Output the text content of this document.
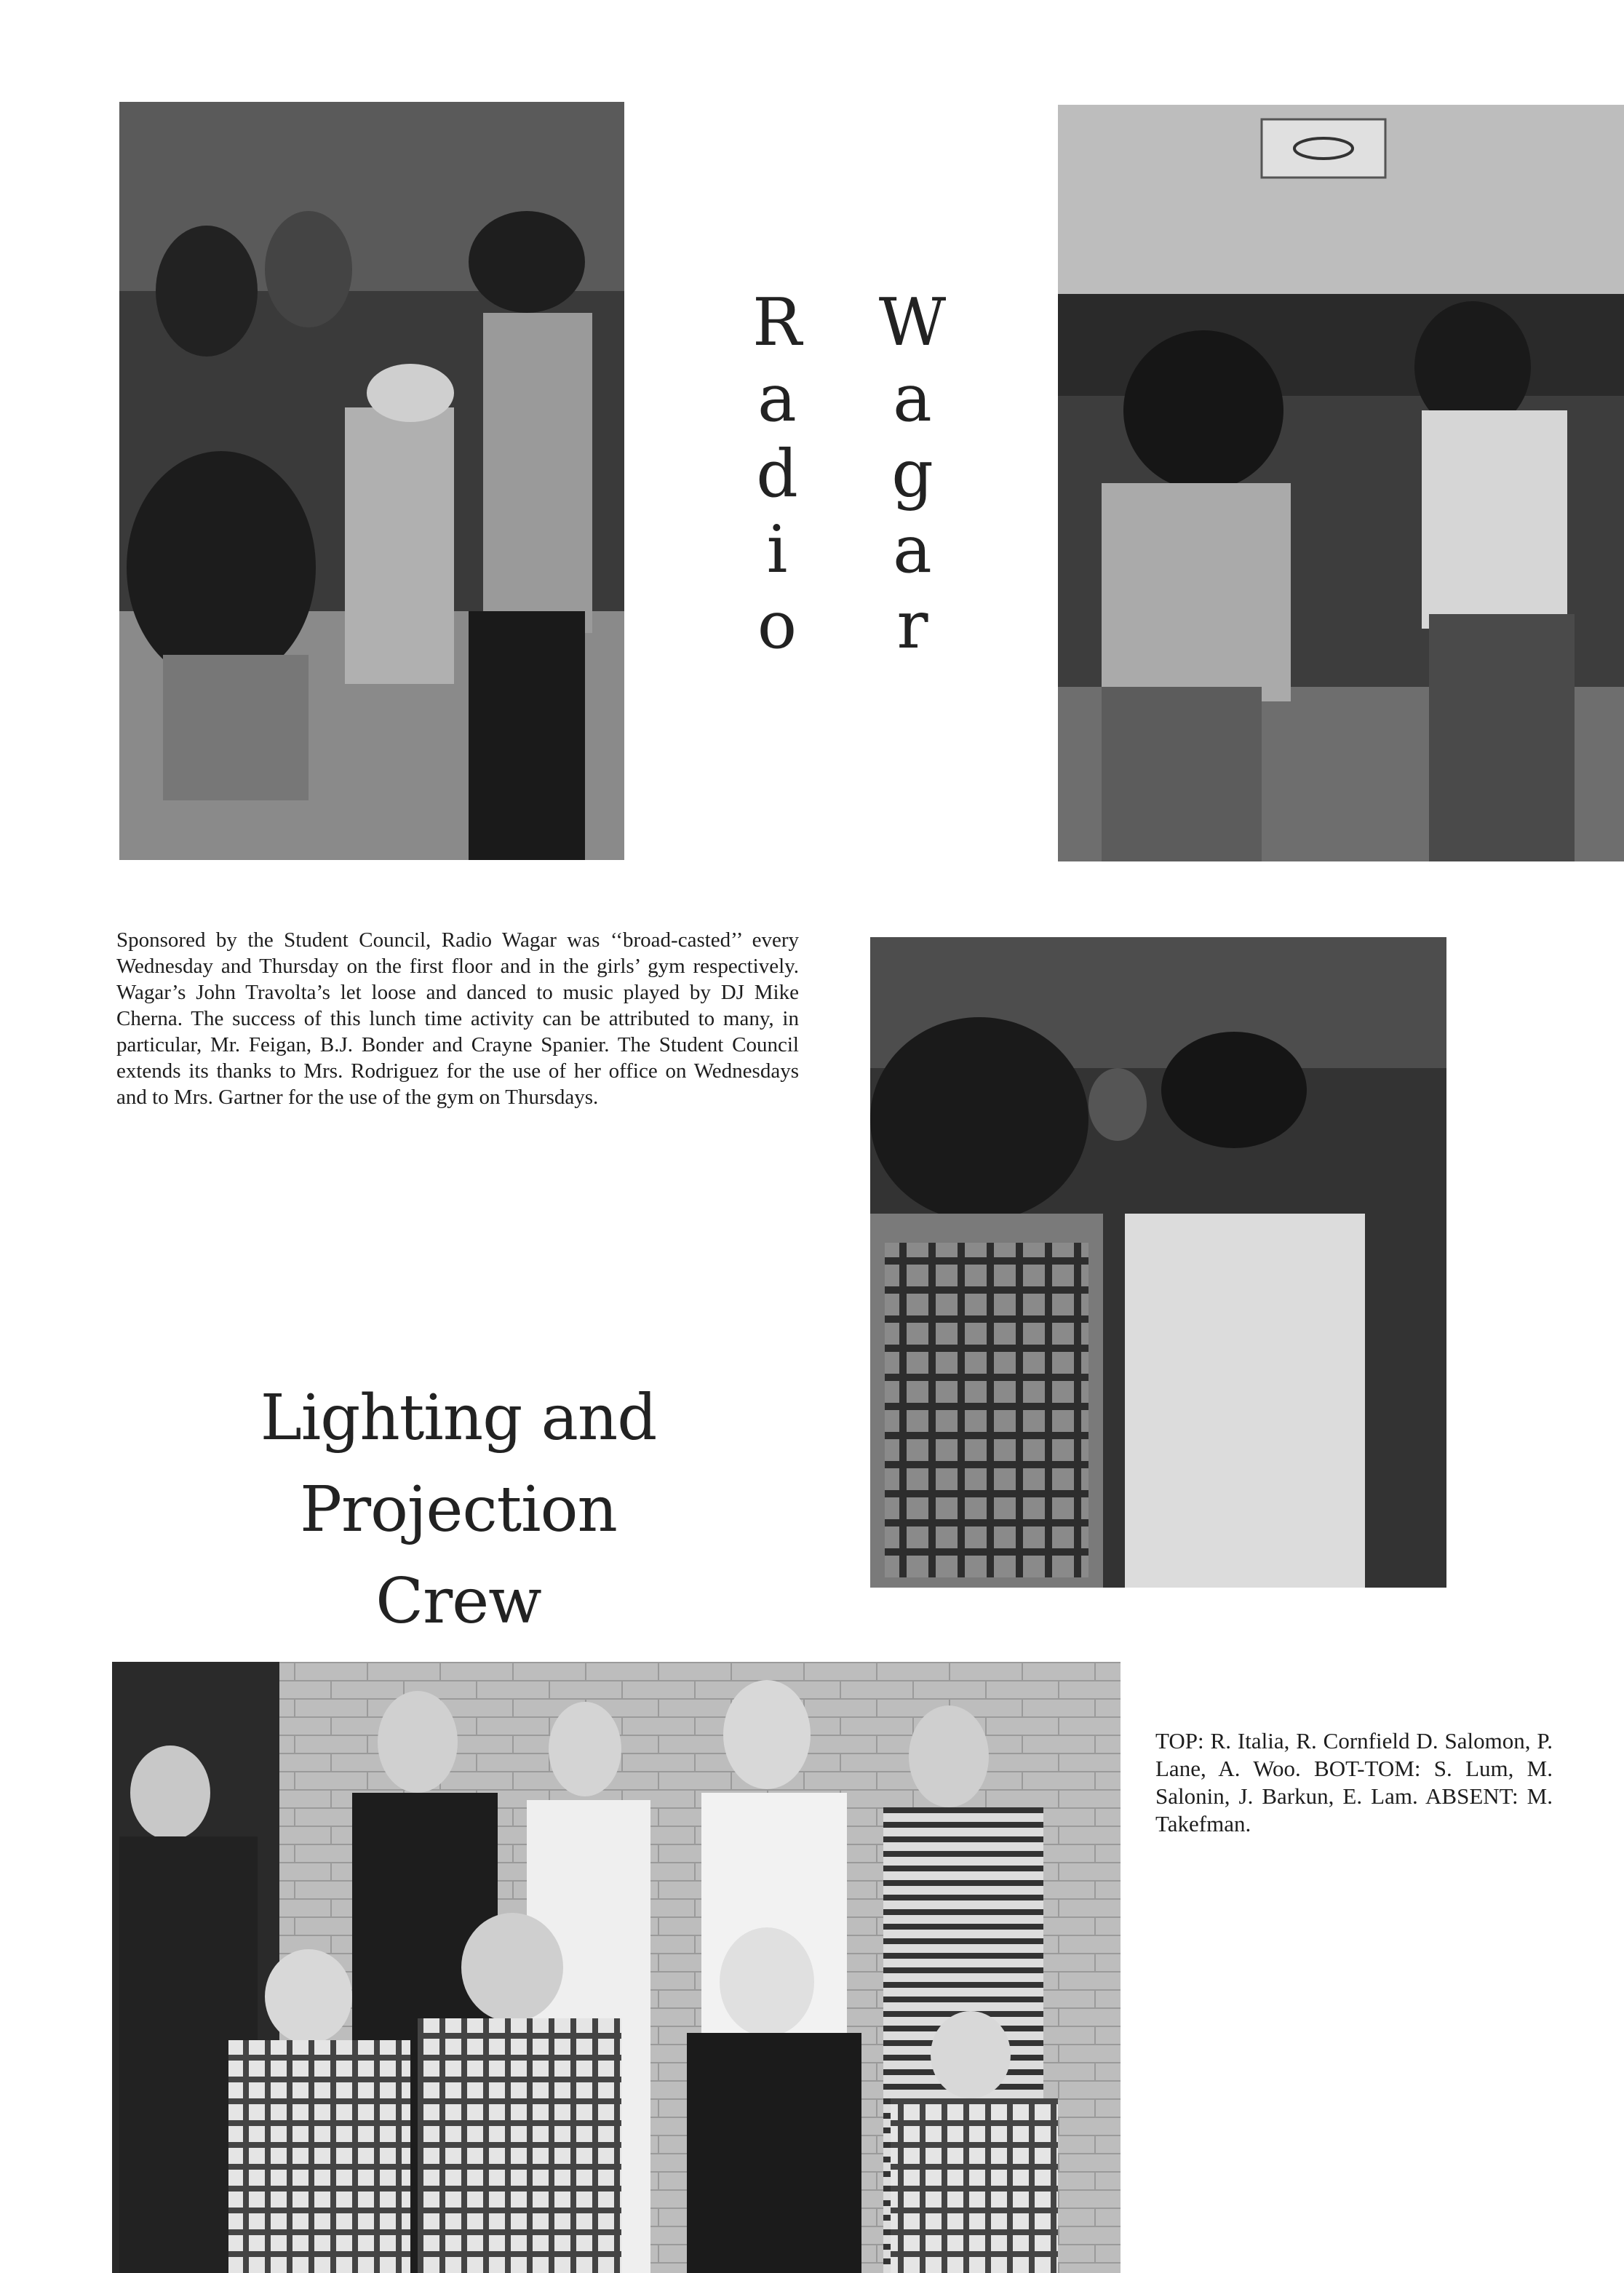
R
a
d
i
o
W
a
g
a
r

Sponsored by the Student Council, Radio Wagar was ‘‘broad-casted’’ every Wednesday and Thursday on the first floor and in the girls’ gym respectively. Wagar’s John Travolta’s let loose and danced to music played by DJ Mike Cherna. The success of this lunch time activity can be attributed to many, in particular, Mr. Feigan, B.J. Bonder and Crayne Spanier. The Student Council extends its thanks to Mrs. Rodriguez for the use of her office on Wednesdays and to Mrs. Gartner for the use of the gym on Thursdays.

Lighting and
Projection
Crew

TOP: R. Italia, R. Cornfield D. Salomon, P. Lane, A. Woo. BOT-TOM: S. Lum, M. Salonin, J. Barkun, E. Lam. ABSENT: M. Takefman.
